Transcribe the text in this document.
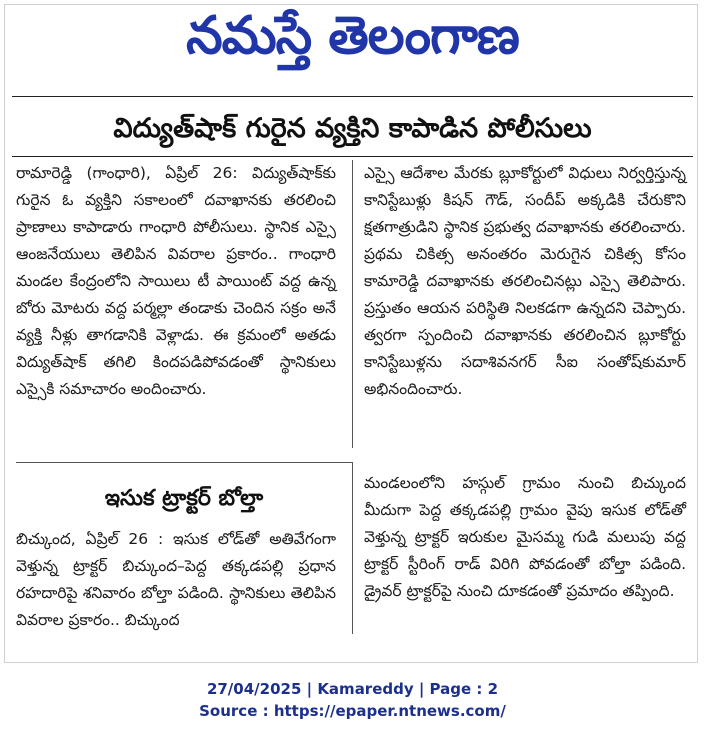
నమస్తే తెలంగాణ
విద్యుత్‌షాక్ గురైన వ్యక్తిని కాపాడిన పోలీసులు

రామారెడ్డి (గాంధారి), ఏప్రిల్ 26: విద్యుత్‌షాక్‌కు గురైన ఓ వ్యక్తిని సకాలంలో దవాఖానకు తరలించి ప్రాణాలు కాపాడారు గాంధారి పోలీసులు. స్థానిక ఎస్సై ఆంజనేయులు తెలిపిన వివరాల ప్రకారం.. గాంధారి మండల కేంద్రంలోని సాయిలు టీ పాయింట్ వద్ద ఉన్న బోరు మోటరు వద్ద పర్మల్లా తండాకు చెందిన సక్రం అనే వ్యక్తి నీళ్లు తాగడానికి వెళ్లాడు. ఈ క్రమంలో అతడు విద్యుత్‌షాక్ తగిలి కిందపడిపోవడంతో స్థానికులు ఎస్సైకి సమాచారం అందించారు.

ఎస్సై ఆదేశాల మేరకు బ్లూకోర్టులో విధులు నిర్వర్తిస్తున్న కానిస్టేబుళ్లు కిషన్ గౌడ్, సందీప్ అక్కడికి చేరుకొని క్షతగాత్రుడిని స్థానిక ప్రభుత్వ దవాఖానకు తరలించారు. ప్రథమ చికిత్స అనంతరం మెరుగైన చికిత్స కోసం కామారెడ్డి దవాఖానకు తరలించినట్లు ఎస్సై తెలిపారు. ప్రస్తుతం ఆయన పరిస్థితి నిలకడగా ఉన్నదని చెప్పారు. త్వరగా స్పందించి దవాఖానకు తరలించిన బ్లూకోర్టు కానిస్టేబుళ్లను సదాశివనగర్ సీఐ సంతోష్‌కుమార్ అభినందించారు.

ఇసుక ట్రాక్టర్ బోల్తా

బిచ్కుంద, ఏప్రిల్ 26 : ఇసుక లోడ్‌తో అతివేగంగా వెళ్తున్న ట్రాక్టర్ బిచ్కుంద–పెద్ద తక్కడపల్లి ప్రధాన రహదారిపై శనివారం బోల్తా పడింది. స్థానికులు తెలిపిన వివరాల ప్రకారం.. బిచ్కుంద

మండలంలోని హస్గుల్ గ్రామం నుంచి బిచ్కుంద మీదుగా పెద్ద తక్కడపల్లి గ్రామం వైపు ఇసుక లోడ్‌తో వెళ్తున్న ట్రాక్టర్ ఇరుకుల మైసమ్మ గుడి మలుపు వద్ద ట్రాక్టర్ స్టీరింగ్ రాడ్ విరిగి పోవడంతో బోల్తా పడింది. డ్రైవర్ ట్రాక్టర్‌పై నుంచి దూకడంతో ప్రమాదం తప్పింది.

27/04/2025 | Kamareddy | Page : 2
Source : https://epaper.ntnews.com/
